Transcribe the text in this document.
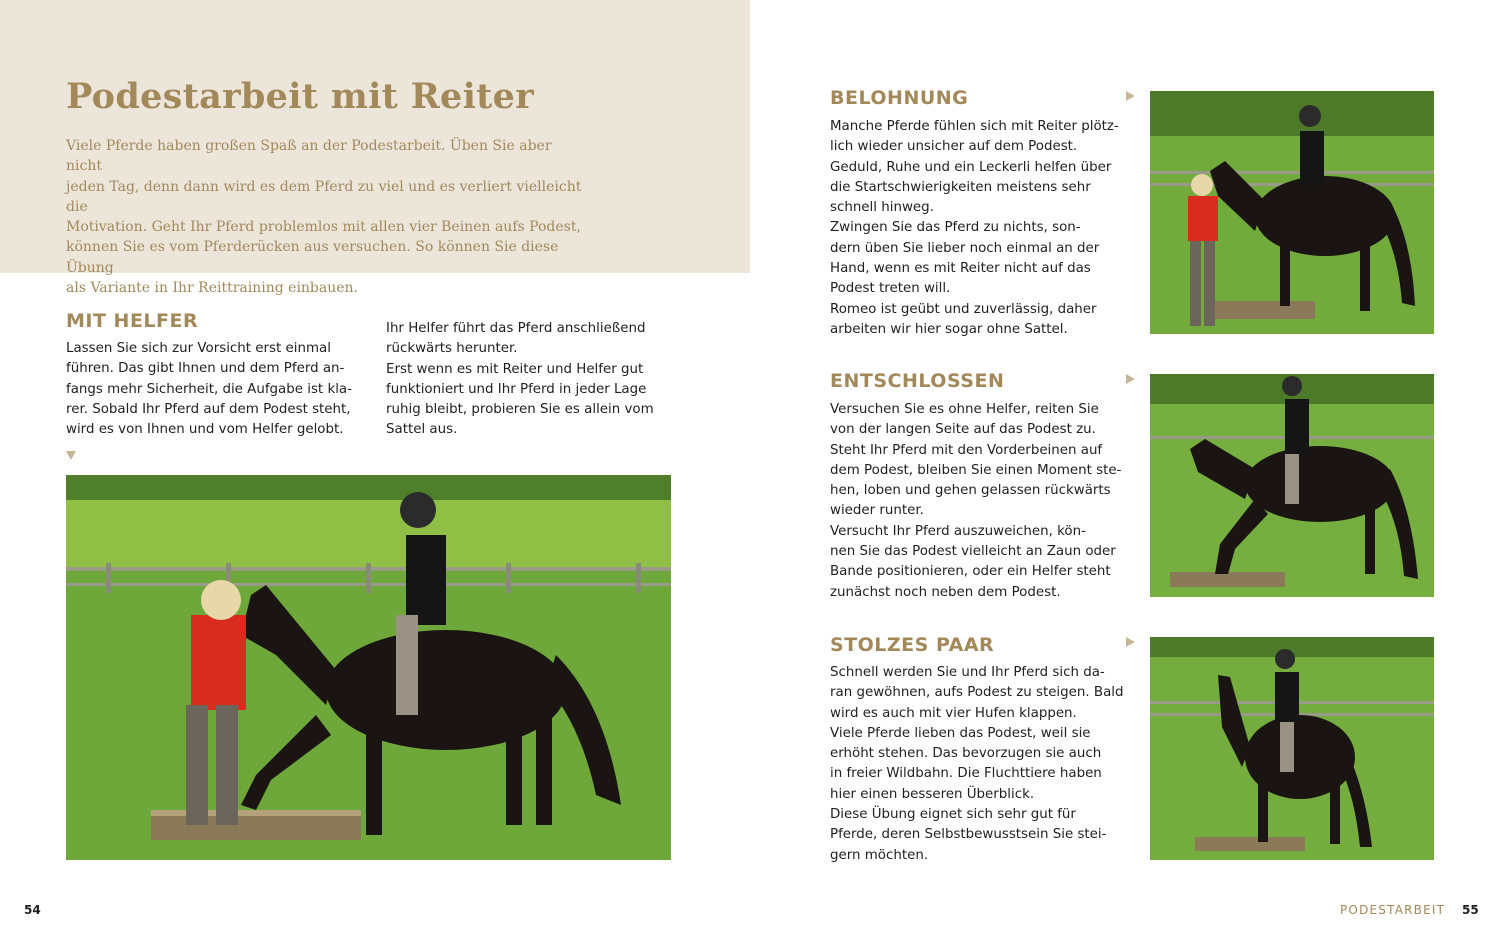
Podestarbeit mit Reiter

Viele Pferde haben großen Spaß an der Podestarbeit. Üben Sie aber nicht
jeden Tag, denn dann wird es dem Pferd zu viel und es verliert vielleicht die
Motivation. Geht Ihr Pferd problemlos mit allen vier Beinen aufs Podest,
können Sie es vom Pferderücken aus versuchen. So können Sie diese Übung
als Variante in Ihr Reittraining einbauen.

MIT HELFER

Lassen Sie sich zur Vorsicht erst einmal
führen. Das gibt Ihnen und dem Pferd an-
fangs mehr Sicherheit, die Aufgabe ist kla-
rer. Sobald Ihr Pferd auf dem Podest steht,
wird es von Ihnen und vom Helfer gelobt.

Ihr Helfer führt das Pferd anschließend
rückwärts herunter.
Erst wenn es mit Reiter und Helfer gut
funktioniert und Ihr Pferd in jeder Lage
ruhig bleibt, probieren Sie es allein vom
Sattel aus.

54
BELOHNUNG

Manche Pferde fühlen sich mit Reiter plötz-
lich wieder unsicher auf dem Podest.
Geduld, Ruhe und ein Leckerli helfen über
die Startschwierigkeiten meistens sehr
schnell hinweg.
Zwingen Sie das Pferd zu nichts, son-
dern üben Sie lieber noch einmal an der
Hand, wenn es mit Reiter nicht auf das
Podest treten will.
Romeo ist geübt und zuverlässig, daher
arbeiten wir hier sogar ohne Sattel.

ENTSCHLOSSEN

Versuchen Sie es ohne Helfer, reiten Sie
von der langen Seite auf das Podest zu.
Steht Ihr Pferd mit den Vorderbeinen auf
dem Podest, bleiben Sie einen Moment ste-
hen, loben und gehen gelassen rückwärts
wieder runter.
Versucht Ihr Pferd auszuweichen, kön-
nen Sie das Podest vielleicht an Zaun oder
Bande positionieren, oder ein Helfer steht
zunächst noch neben dem Podest.

STOLZES PAAR

Schnell werden Sie und Ihr Pferd sich da-
ran gewöhnen, aufs Podest zu steigen. Bald
wird es auch mit vier Hufen klappen.
Viele Pferde lieben das Podest, weil sie
erhöht stehen. Das bevorzugen sie auch
in freier Wildbahn. Die Fluchttiere haben
hier einen besseren Überblick.
Diese Übung eignet sich sehr gut für
Pferde, deren Selbstbewusstsein Sie stei-
gern möchten.

PODESTARBEIT 55
